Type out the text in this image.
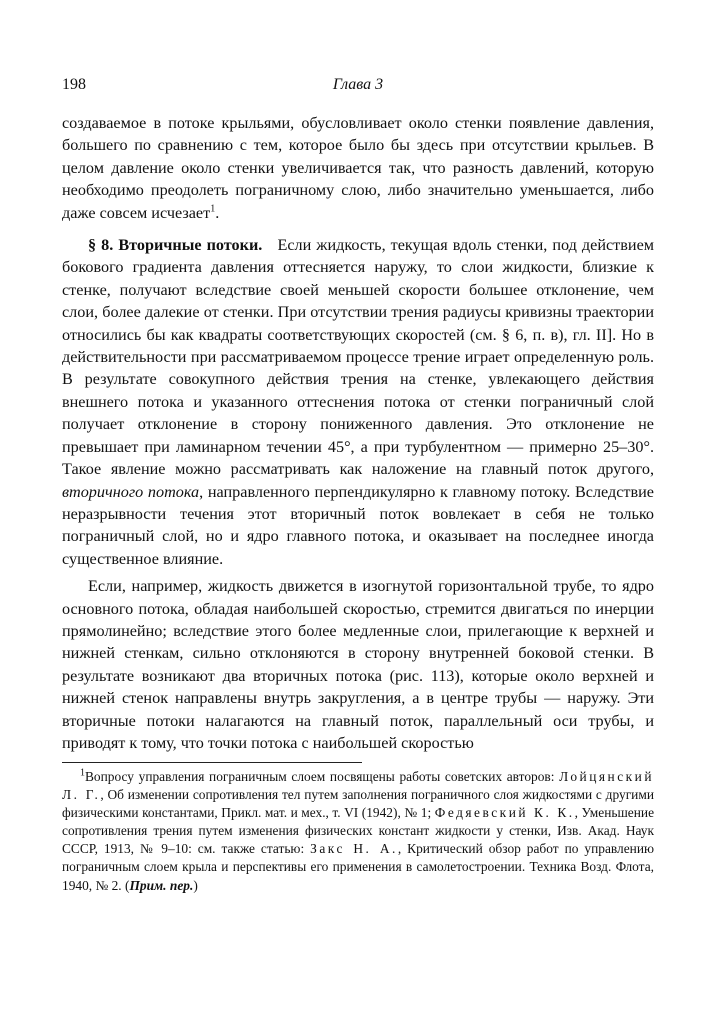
198	Глава 3

создаваемое в потоке крыльями, обусловливает около стенки появление давления, большего по сравнению с тем, которое было бы здесь при отсутствии крыльев. В целом давление около стенки увеличивается так, что разность давлений, которую необходимо преодолеть пограничному слою, либо значительно уменьшается, либо даже совсем исчезает$^1$.

§ 8. Вторичные потоки. Если жидкость, текущая вдоль стенки, под действием бокового градиента давления оттесняется наружу, то слои жидкости, близкие к стенке, получают вследствие своей меньшей скорости большее отклонение, чем слои, более далекие от стенки. При отсутствии трения радиусы кривизны траектории относились бы как квадраты соответствующих скоростей (см. § 6, п. в), гл. II]. Но в действительности при рассматриваемом процессе трение играет определенную роль. В результате совокупного действия трения на стенке, увлекающего действия внешнего потока и указанного оттеснения потока от стенки пограничный слой получает отклонение в сторону пониженного давления. Это отклонение не превышает при ламинарном течении 45°, а при турбулентном — примерно 25–30°. Такое явление можно рассматривать как наложение на главный поток другого, вторичного потока, направленного перпендикулярно к главному потоку. Вследствие неразрывности течения этот вторичный поток вовлекает в себя не только пограничный слой, но и ядро главного потока, и оказывает на последнее иногда существенное влияние.

Если, например, жидкость движется в изогнутой горизонтальной трубе, то ядро основного потока, обладая наибольшей скоростью, стремится двигаться по инерции прямолинейно; вследствие этого более медленные слои, прилегающие к верхней и нижней стенкам, сильно отклоняются в сторону внутренней боковой стенки. В результате возникают два вторичных потока (рис. 113), которые около верхней и нижней стенок направлены внутрь закругления, а в центре трубы — наружу. Эти вторичные потоки налагаются на главный поток, параллельный оси трубы, и приводят к тому, что точки потока с наибольшей скоростью

$^1$Вопросу управления пограничным слоем посвящены работы советских авторов: Лойцянский Л. Г., Об изменении сопротивления тел путем заполнения пограничного слоя жидкостями с другими физическими константами, Прикл. мат. и мех., т. VI (1942), № 1; Федяевский К. К., Уменьшение сопротивления трения путем изменения физических констант жидкости у стенки, Изв. Акад. Наук СССР, 1913, № 9–10: см. также статью: Закс Н. А., Критический обзор работ по управлению пограничным слоем крыла и перспективы его применения в самолетостроении. Техника Возд. Флота, 1940, № 2. (Прим. пер.)
